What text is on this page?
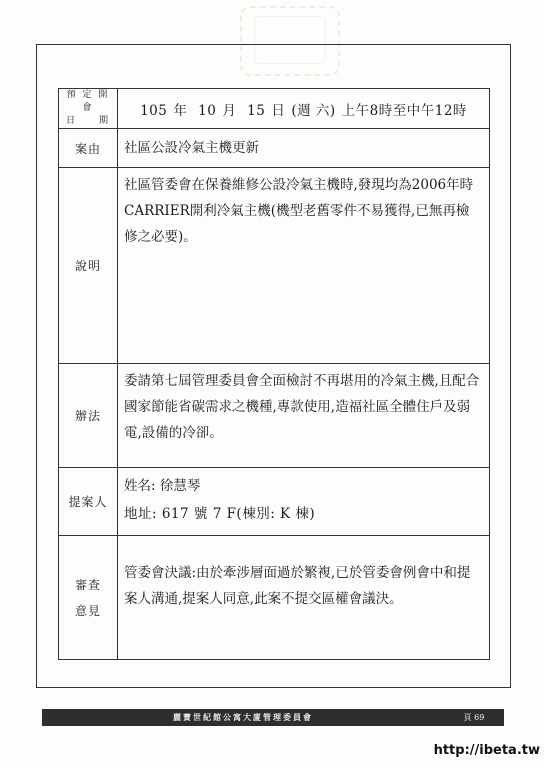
預 定 開 會
日　　期	105 年 10 月 15 日 (週 六) 上午8時至中午12時
案由	社區公設冷氣主機更新
說明	社區管委會在保養維修公設冷氣主機時,發現均為2006年時CARRIER開利冷氣主機(機型老舊零件不易獲得,已無再檢修之必要)。
辦法	委請第七屆管理委員會全面檢討不再堪用的冷氣主機,且配合國家節能省碳需求之機種,專款使用,造福社區全體住戶及弱電,設備的冷卻。
提案人	姓名: 徐慧琴
地址: 617 號 7 F(棟別: K 棟)

審查
意見	管委會決議:由於牽涉層面過於繁複,已於管委會例會中和提案人溝通,提案人同意,此案不提交區權會議決。
麗寶世紀館公寓大廈管理委員會	頁 69
http://ibeta.tw
